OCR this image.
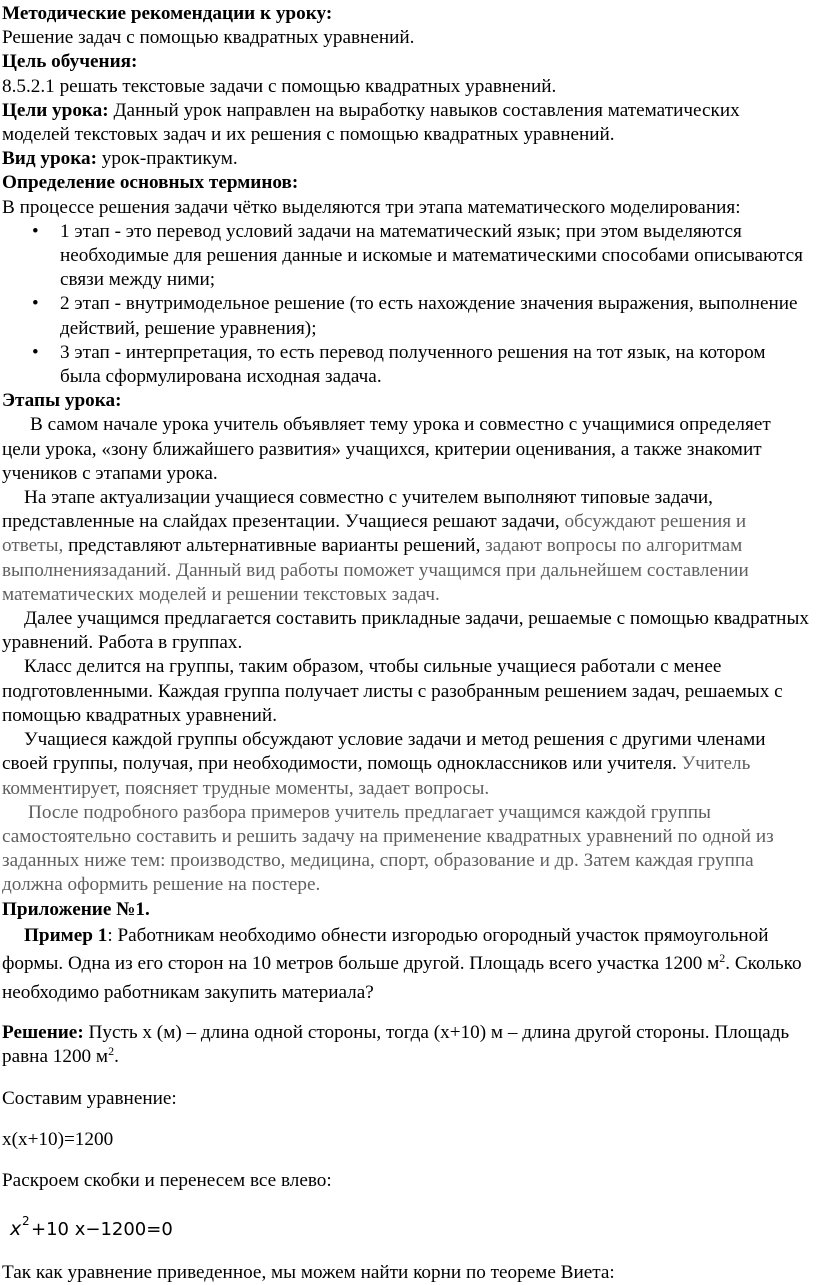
Методические рекомендации к уроку:

Решение задач с помощью квадратных уравнений.

Цель обучения:

8.5.2.1 решать текстовые задачи с помощью квадратных уравнений.

Цели урока: Данный урок направлен на выработку навыков составления математических моделей текстовых задач и их решения с помощью квадратных уравнений.

Вид урока: урок-практикум.

Определение основных терминов:

В процессе решения задачи чётко выделяются три этапа математического моделирования:

• 1 этап - это перевод условий задачи на математический язык; при этом выделяются необходимые для решения данные и искомые и математическими способами описываются связи между ними;
• 2 этап - внутримодельное решение (то есть нахождение значения выражения, выполнение действий, решение уравнения);
• 3 этап - интерпретация, то есть перевод полученного решения на тот язык, на котором была сформулирована исходная задача.

Этапы урока:

В самом начале урока учитель объявляет тему урока и совместно с учащимися определяет цели урока, «зону ближайшего развития» учащихся, критерии оценивания, а также знакомит учеников с этапами урока.

На этапе актуализации учащиеся совместно с учителем выполняют типовые задачи, представленные на слайдах презентации. Учащиеся решают задачи, обсуждают решения и ответы, представляют альтернативные варианты решений, задают вопросы по алгоритмам выполнениязаданий. Данный вид работы поможет учащимся при дальнейшем составлении математических моделей и решении текстовых задач.

Далее учащимся предлагается составить прикладные задачи, решаемые с помощью квадратных уравнений. Работа в группах.

Класс делится на группы, таким образом, чтобы сильные учащиеся работали с менее подготовленными. Каждая группа получает листы с разобранным решением задач, решаемых с помощью квадратных уравнений.

Учащиеся каждой группы обсуждают условие задачи и метод решения с другими членами своей группы, получая, при необходимости, помощь одноклассников или учителя. Учитель комментирует, поясняет трудные моменты, задает вопросы.

После подробного разбора примеров учитель предлагает учащимся каждой группы самостоятельно составить и решить задачу на применение квадратных уравнений по одной из заданных ниже тем: производство, медицина, спорт, образование и др. Затем каждая группа должна оформить решение на постере.

Приложение №1.

Пример 1: Работникам необходимо обнести изгородью огородный участок прямоугольной формы. Одна из его сторон на 10 метров больше другой. Площадь всего участка 1200 $м^2$. Сколько необходимо работникам закупить материала?

Решение: Пусть x (м) – длина одной стороны, тогда (x+10) м – длина другой стороны. Площадь равна 1200 $м^2$.

Составим уравнение:

x(x+10)=1200

Раскроем скобки и перенесем все влево:

x 2 +10 x−1200=0

Так как уравнение приведенное, мы можем найти корни по теореме Виета:
